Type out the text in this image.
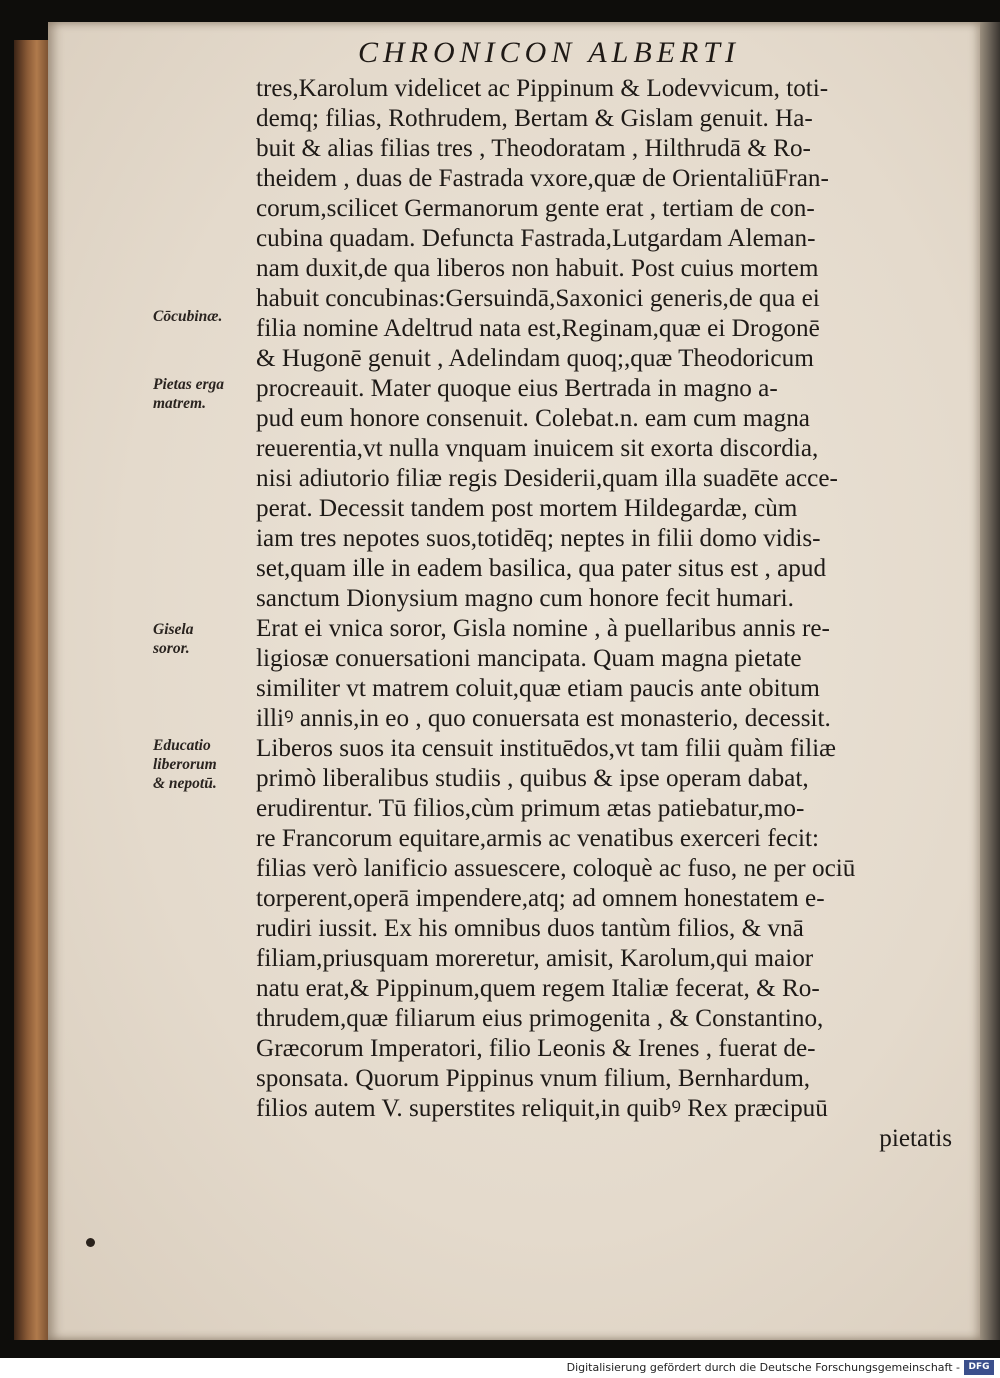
CHRONICON ALBERTI
tres,Karolum videlicet ac Pippinum & Lodevvicum, toti-
demq; filias, Rothrudem, Bertam & Gislam genuit. Ha-
buit & alias filias tres , Theodoratam , Hilthrudā & Ro-
theidem , duas de Fastrada vxore,quæ de OrientaliūFran-
corum,scilicet Germanorum gente erat , tertiam de con-
cubina quadam. Defuncta Fastrada,Lutgardam Aleman-
nam duxit,de qua liberos non habuit. Post cuius mortem
habuit concubinas:Gersuindā,Saxonici generis,de qua ei
filia nomine Adeltrud nata est,Reginam,quæ ei Drogonē
& Hugonē genuit , Adelindam quoq;,quæ Theodoricum
procreauit. Mater quoque eius Bertrada in magno a-
pud eum honore consenuit. Colebat.n. eam cum magna
reuerentia,vt nulla vnquam inuicem sit exorta discordia,
nisi adiutorio filiæ regis Desiderii,quam illa suadēte acce-
perat. Decessit tandem post mortem Hildegardæ, cùm
iam tres nepotes suos,totidēq; neptes in filii domo vidis-
set,quam ille in eadem basilica, qua pater situs est , apud
sanctum Dionysium magno cum honore fecit humari.
Erat ei vnica soror, Gisla nomine , à puellaribus annis re-
ligiosæ conuersationi mancipata. Quam magna pietate
similiter vt matrem coluit,quæ etiam paucis ante obitum
illiꝰ annis,in eo , quo conuersata est monasterio, decessit.
Liberos suos ita censuit instituēdos,vt tam filii quàm filiæ
primò liberalibus studiis , quibus & ipse operam dabat,
erudirentur. Tū filios,cùm primum ætas patiebatur,mo-
re Francorum equitare,armis ac venatibus exerceri fecit:
filias verò lanificio assuescere, coloquè ac fuso, ne per ociū
torperent,operā impendere,atq; ad omnem honestatem e-
rudiri iussit. Ex his omnibus duos tantùm filios, & vnā
filiam,priusquam moreretur, amisit, Karolum,qui maior
natu erat,& Pippinum,quem regem Italiæ fecerat, & Ro-
thrudem,quæ filiarum eius primogenita , & Constantino,
Græcorum Imperatori, filio Leonis & Irenes , fuerat de-
sponsata. Quorum Pippinus vnum filium, Bernhardum,
filios autem V. superstites reliquit,in quibꝰ Rex præcipuū
pietatis
Cōcubinæ.
Pietas erga
matrem.
Gisela
soror.
Educatio
liberorum
& nepotū.
Digitalisierung gefördert durch die Deutsche Forschungsgemeinschaft - DFG
